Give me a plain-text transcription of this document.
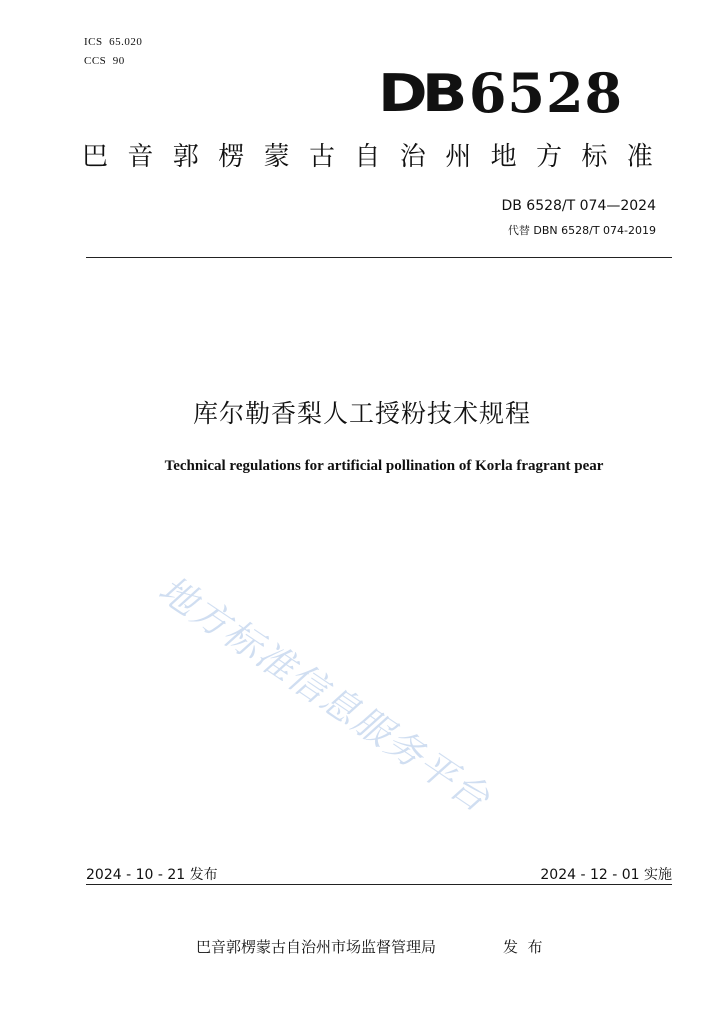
ICS  65.020
CCS  90
DB 6528
巴音郭楞蒙古自治州地方标准
DB 6528/T 074—2024
代替 DBN 6528/T 074-2019
库尔勒香梨人工授粉技术规程
Technical regulations for artificial pollination of Korla fragrant pear
地方标准信息服务平台
2024 - 10 - 21 发布	2024 - 12 - 01 实施
巴音郭楞蒙古自治州市场监督管理局	发  布
